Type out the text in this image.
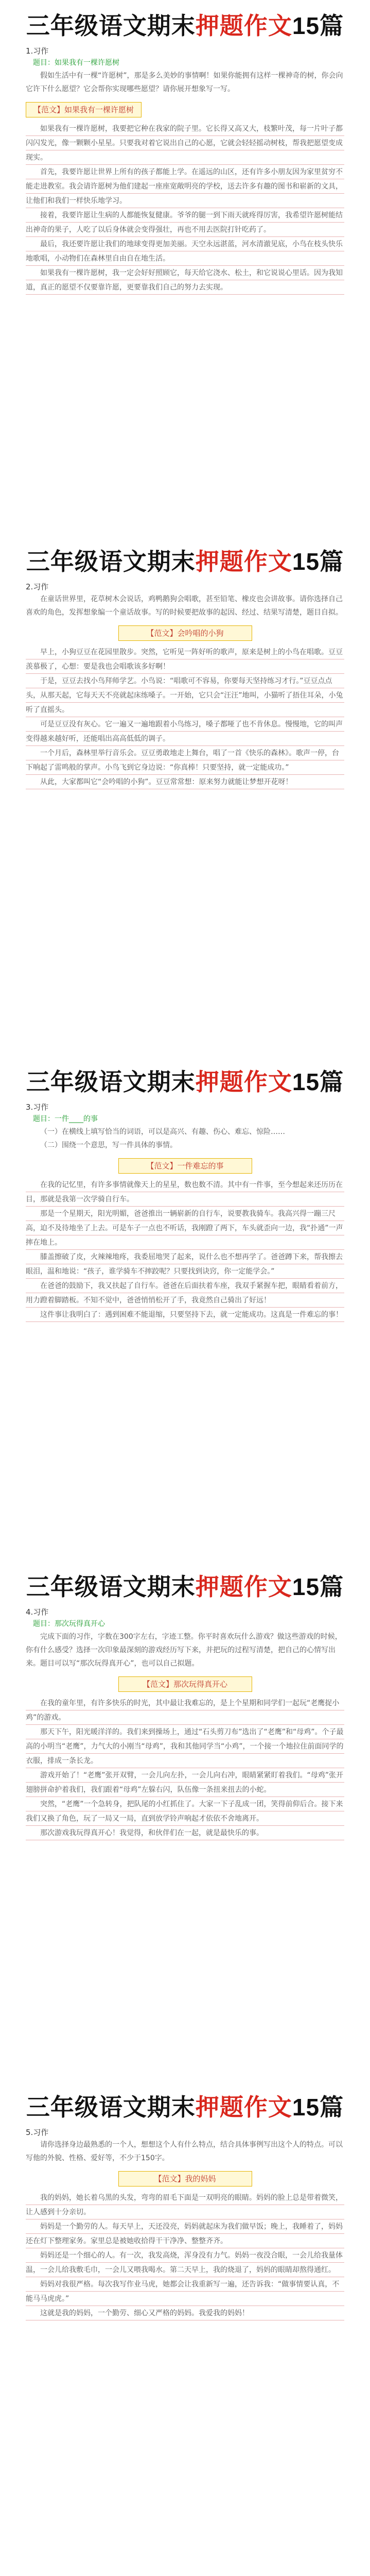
三年级语文期末押题作文15篇
1.习作
题目：如果我有一棵许愿树
假如生活中有一棵“许愿树”，那是多么美妙的事情啊！如果你能拥有这样一棵神奇的树，你会向它许下什么愿望？它会帮你实现哪些愿望？请你展开想象写一写。
【范文】如果我有一棵许愿树
如果我有一棵许愿树，我要把它种在我家的院子里。它长得又高又大，枝繁叶茂，每一片叶子都闪闪发光，像一颗颗小星星。只要我对着它说出自己的心愿，它就会轻轻摇动树枝，帮我把愿望变成现实。
首先，我要许愿让世界上所有的孩子都能上学。在遥远的山区，还有许多小朋友因为家里贫穷不能走进教室。我会请许愿树为他们建起一座座宽敞明亮的学校，送去许多有趣的图书和崭新的文具，让他们和我们一样快乐地学习。
接着，我要许愿让生病的人都能恢复健康。爷爷的腿一到下雨天就疼得厉害，我希望许愿树能结出神奇的果子，人吃了以后身体就会变得强壮，再也不用去医院打针吃药了。
最后，我还要许愿让我们的地球变得更加美丽。天空永远湛蓝，河水清澈见底，小鸟在枝头快乐地歌唱，小动物们在森林里自由自在地生活。
如果我有一棵许愿树，我一定会好好照顾它，每天给它浇水、松土，和它说说心里话。因为我知道，真正的愿望不仅要靠许愿，更要靠我们自己的努力去实现。
三年级语文期末押题作文15篇
2.习作
在童话世界里，花草树木会说话，鸡鸭鹅狗会唱歌，甚至铅笔、橡皮也会讲故事。请你选择自己喜欢的角色，发挥想象编一个童话故事。写的时候要把故事的起因、经过、结果写清楚，题目自拟。
【范文】会吟唱的小狗
早上，小狗豆豆在花园里散步。突然，它听见一阵好听的歌声，原来是树上的小鸟在唱歌。豆豆羡慕极了，心想：要是我也会唱歌该多好啊！
于是，豆豆去找小鸟拜师学艺。小鸟说：“唱歌可不容易，你要每天坚持练习才行。”豆豆点点头，从那天起，它每天天不亮就起床练嗓子。一开始，它只会“汪汪”地叫，小猫听了捂住耳朵，小兔听了直摇头。
可是豆豆没有灰心。它一遍又一遍地跟着小鸟练习，嗓子都哑了也不肯休息。慢慢地，它的叫声变得越来越好听，还能唱出高高低低的调子。
一个月后，森林里举行音乐会。豆豆勇敢地走上舞台，唱了一首《快乐的森林》。歌声一停，台下响起了雷鸣般的掌声。小鸟飞到它身边说：“你真棒！只要坚持，就一定能成功。”
从此，大家都叫它“会吟唱的小狗”。豆豆常常想：原来努力就能让梦想开花呀！
三年级语文期末押题作文15篇
3.习作
题目：一件____的事
（一）在横线上填写恰当的词语，可以是高兴、有趣、伤心、难忘、惊险……
（二）围绕一个意思，写一件具体的事情。
【范文】一件难忘的事
在我的记忆里，有许多事情就像天上的星星，数也数不清。其中有一件事，至今想起来还历历在目，那就是我第一次学骑自行车。
那是一个星期天，阳光明媚，爸爸推出一辆崭新的自行车，说要教我骑车。我高兴得一蹦三尺高，迫不及待地坐了上去。可是车子一点也不听话，我刚蹬了两下，车头就歪向一边，我“扑通”一声摔在地上。
膝盖擦破了皮，火辣辣地疼，我委屈地哭了起来，说什么也不想再学了。爸爸蹲下来，帮我擦去眼泪，温和地说：“孩子，谁学骑车不摔跤呢？只要找到诀窍，你一定能学会。”
在爸爸的鼓励下，我又扶起了自行车。爸爸在后面扶着车座，我双手紧握车把，眼睛看着前方，用力蹬着脚踏板。不知不觉中，爸爸悄悄松开了手，我竟然自己骑出了好远！
这件事让我明白了：遇到困难不能退缩，只要坚持下去，就一定能成功。这真是一件难忘的事！
三年级语文期末押题作文15篇
4.习作
题目：那次玩得真开心
完成下面的习作，字数在300字左右，字迹工整。你平时喜欢玩什么游戏？做这些游戏的时候，你有什么感受？选择一次印象最深刻的游戏经历写下来，并把玩的过程写清楚，把自己的心情写出来。题目可以写“那次玩得真开心”，也可以自己拟题。
【范文】那次玩得真开心
在我的童年里，有许多快乐的时光，其中最让我难忘的，是上个星期和同学们一起玩“老鹰捉小鸡”的游戏。
那天下午，阳光暖洋洋的。我们来到操场上，通过“石头剪刀布”选出了“老鹰”和“母鸡”。个子最高的小明当“老鹰”，力气大的小刚当“母鸡”，我和其他同学当“小鸡”，一个接一个地拉住前面同学的衣服，排成一条长龙。
游戏开始了！“老鹰”张开双臂，一会儿向左扑，一会儿向右冲，眼睛紧紧盯着我们。“母鸡”张开翅膀拼命护着我们，我们跟着“母鸡”左躲右闪，队伍像一条扭来扭去的小蛇。
突然，“老鹰”一个急转身，把队尾的小红抓住了。大家一下子乱成一团，笑得前仰后合。接下来我们又换了角色，玩了一局又一局，直到放学铃声响起才依依不舍地离开。
那次游戏我玩得真开心！我觉得，和伙伴们在一起，就是最快乐的事。
三年级语文期末押题作文15篇
5.习作
请你选择身边最熟悉的一个人，想想这个人有什么特点，结合具体事例写出这个人的特点。可以写他的外貌、性格、爱好等，不少于150字。
【范文】我的妈妈
我的妈妈，她长着乌黑的头发，弯弯的眉毛下面是一双明亮的眼睛。妈妈的脸上总是带着微笑，让人感到十分亲切。
妈妈是一个勤劳的人。每天早上，天还没亮，妈妈就起床为我们做早饭；晚上，我睡着了，妈妈还在灯下整理家务。家里总是被她收拾得干干净净、整整齐齐。
妈妈还是一个细心的人。有一次，我发高烧，浑身没有力气。妈妈一夜没合眼，一会儿给我量体温，一会儿给我敷毛巾，一会儿又喂我喝水。第二天早上，我的烧退了，妈妈的眼睛却熬得通红。
妈妈对我很严格。每次我写作业马虎，她都会让我重新写一遍，还告诉我：“做事情要认真，不能马马虎虎。”
这就是我的妈妈，一个勤劳、细心又严格的妈妈。我爱我的妈妈！
